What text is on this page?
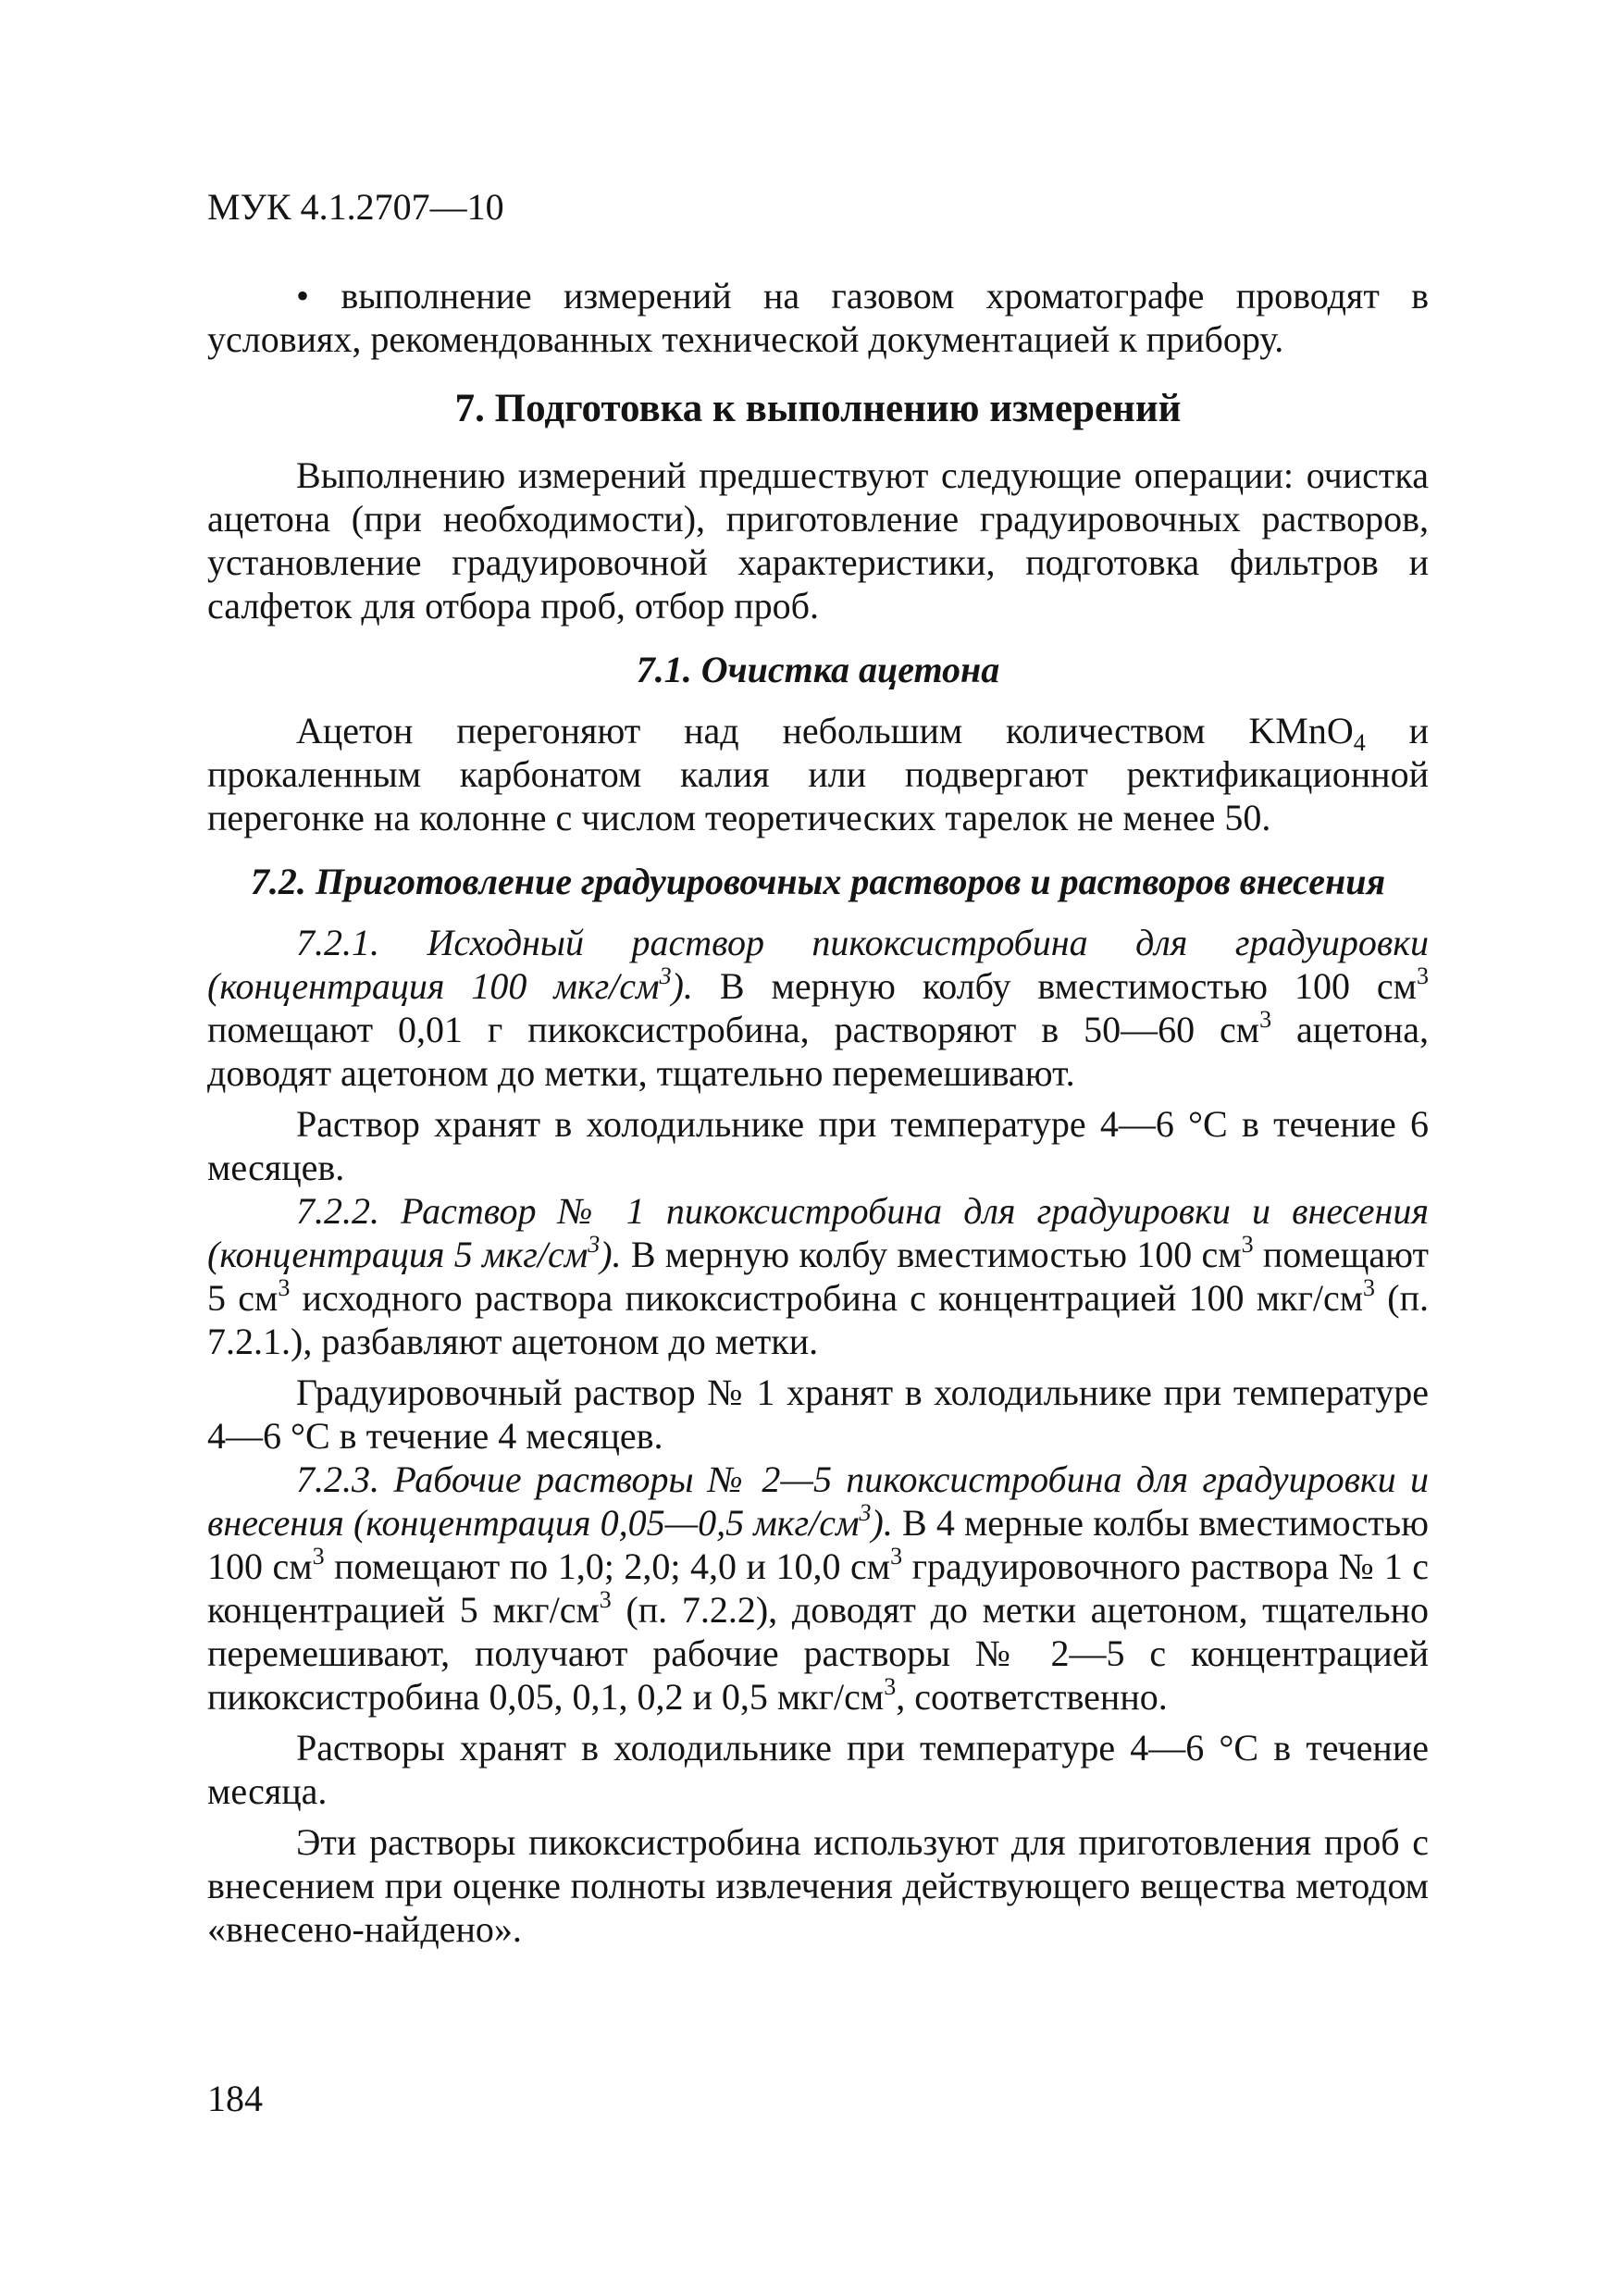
МУК 4.1.2707—10

• выполнение измерений на газовом хроматографе проводят в условиях, рекомендованных технической документацией к прибору.

7. Подготовка к выполнению измерений

Выполнению измерений предшествуют следующие операции: очистка ацетона (при необходимости), приготовление градуировочных растворов, установление градуировочной характеристики, подготовка фильтров и салфеток для отбора проб, отбор проб.

7.1. Очистка ацетона

Ацетон перегоняют над небольшим количеством KMnO$_4$ и прокаленным карбонатом калия или подвергают ректификационной перегонке на колонне с числом теоретических тарелок не менее 50.

7.2. Приготовление градуировочных растворов и растворов внесения

7.2.1. Исходный раствор пикоксистробина для градуировки (концентрация 100 мкг/$см^3$). В мерную колбу вместимостью 100 $см^3$ помещают 0,01 г пикоксистробина, растворяют в 50—60 $см^3$ ацетона, доводят ацетоном до метки, тщательно перемешивают.

Раствор хранят в холодильнике при температуре 4—6 °С в течение 6 месяцев.

7.2.2. Раствор № 1 пикоксистробина для градуировки и внесения (концентрация 5 мкг/$см^3$). В мерную колбу вместимостью 100 $см^3$ помещают 5 $см^3$ исходного раствора пикоксистробина с концентрацией 100 мкг/$см^3$ (п. 7.2.1.), разбавляют ацетоном до метки.

Градуировочный раствор № 1 хранят в холодильнике при температуре 4—6 °С в течение 4 месяцев.

7.2.3. Рабочие растворы № 2—5 пикоксистробина для градуировки и внесения (концентрация 0,05—0,5 мкг/$см^3$). В 4 мерные колбы вместимостью 100 $см^3$ помещают по 1,0; 2,0; 4,0 и 10,0 $см^3$ градуировочного раствора № 1 с концентрацией 5 мкг/$см^3$ (п. 7.2.2), доводят до метки ацетоном, тщательно перемешивают, получают рабочие растворы № 2—5 с концентрацией пикоксистробина 0,05, 0,1, 0,2 и 0,5 мкг/$см^3$, соответственно.

Растворы хранят в холодильнике при температуре 4—6 °С в течение месяца.

Эти растворы пикоксистробина используют для приготовления проб с внесением при оценке полноты извлечения действующего вещества методом «внесено-найдено».

184
